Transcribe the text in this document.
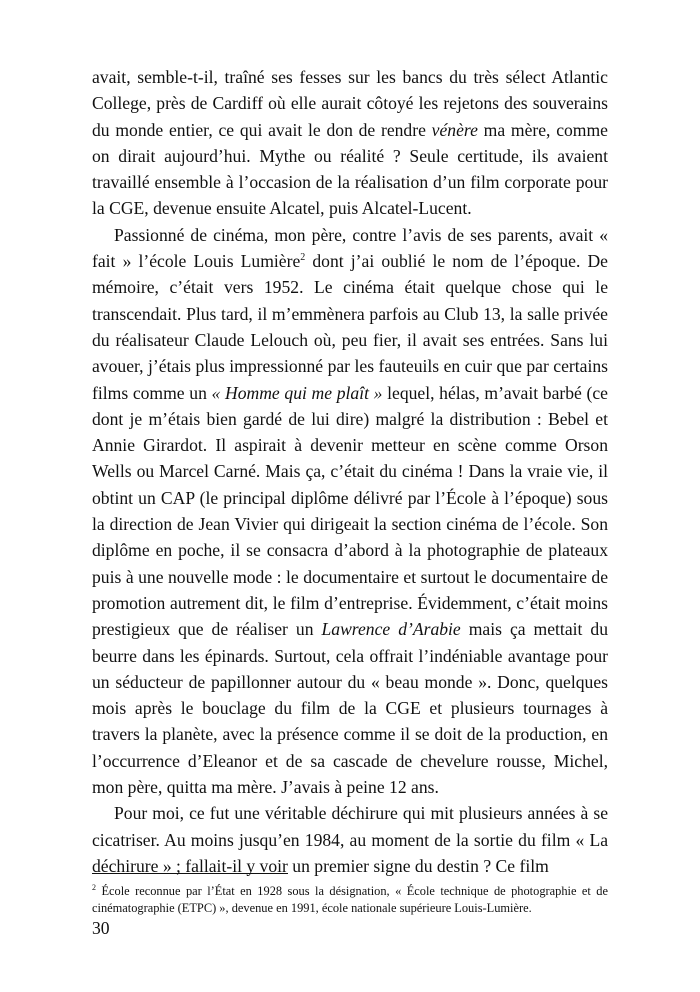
avait, semble-t-il, traîné ses fesses sur les bancs du très sélect Atlantic College, près de Cardiff où elle aurait côtoyé les rejetons des souverains du monde entier, ce qui avait le don de rendre vénère ma mère, comme on dirait aujourd’hui. Mythe ou réalité ? Seule certitude, ils avaient travaillé ensemble à l’occasion de la réalisation d’un film corporate pour la CGE, devenue ensuite Alcatel, puis Alcatel-Lucent.

Passionné de cinéma, mon père, contre l’avis de ses parents, avait « fait » l’école Louis Lumière$^2$ dont j’ai oublié le nom de l’époque. De mémoire, c’était vers 1952. Le cinéma était quelque chose qui le transcendait. Plus tard, il m’emmènera parfois au Club 13, la salle privée du réalisateur Claude Lelouch où, peu fier, il avait ses entrées. Sans lui avouer, j’étais plus impressionné par les fauteuils en cuir que par certains films comme un « Homme qui me plaît » lequel, hélas, m’avait barbé (ce dont je m’étais bien gardé de lui dire) malgré la distribution : Bebel et Annie Girardot. Il aspirait à devenir metteur en scène comme Orson Wells ou Marcel Carné. Mais ça, c’était du cinéma ! Dans la vraie vie, il obtint un CAP (le principal diplôme délivré par l’École à l’époque) sous la direction de Jean Vivier qui dirigeait la section cinéma de l’école. Son diplôme en poche, il se consacra d’abord à la photographie de plateaux puis à une nouvelle mode : le documentaire et surtout le documentaire de promotion autrement dit, le film d’entreprise. Évidemment, c’était moins prestigieux que de réaliser un Lawrence d’Arabie mais ça mettait du beurre dans les épinards. Surtout, cela offrait l’indéniable avantage pour un séducteur de papillonner autour du « beau monde ». Donc, quelques mois après le bouclage du film de la CGE et plusieurs tournages à travers la planète, avec la présence comme il se doit de la production, en l’occurrence d’Eleanor et de sa cascade de chevelure rousse, Michel, mon père, quitta ma mère. J’avais à peine 12 ans.

Pour moi, ce fut une véritable déchirure qui mit plusieurs années à se cicatriser. Au moins jusqu’en 1984, au moment de la sortie du film « La déchirure » ; fallait-il y voir un premier signe du destin ? Ce film

$^2$ École reconnue par l’État en 1928 sous la désignation, « École technique de photographie et de cinématographie (ETPC) », devenue en 1991, école nationale supérieure Louis-Lumière.

30
